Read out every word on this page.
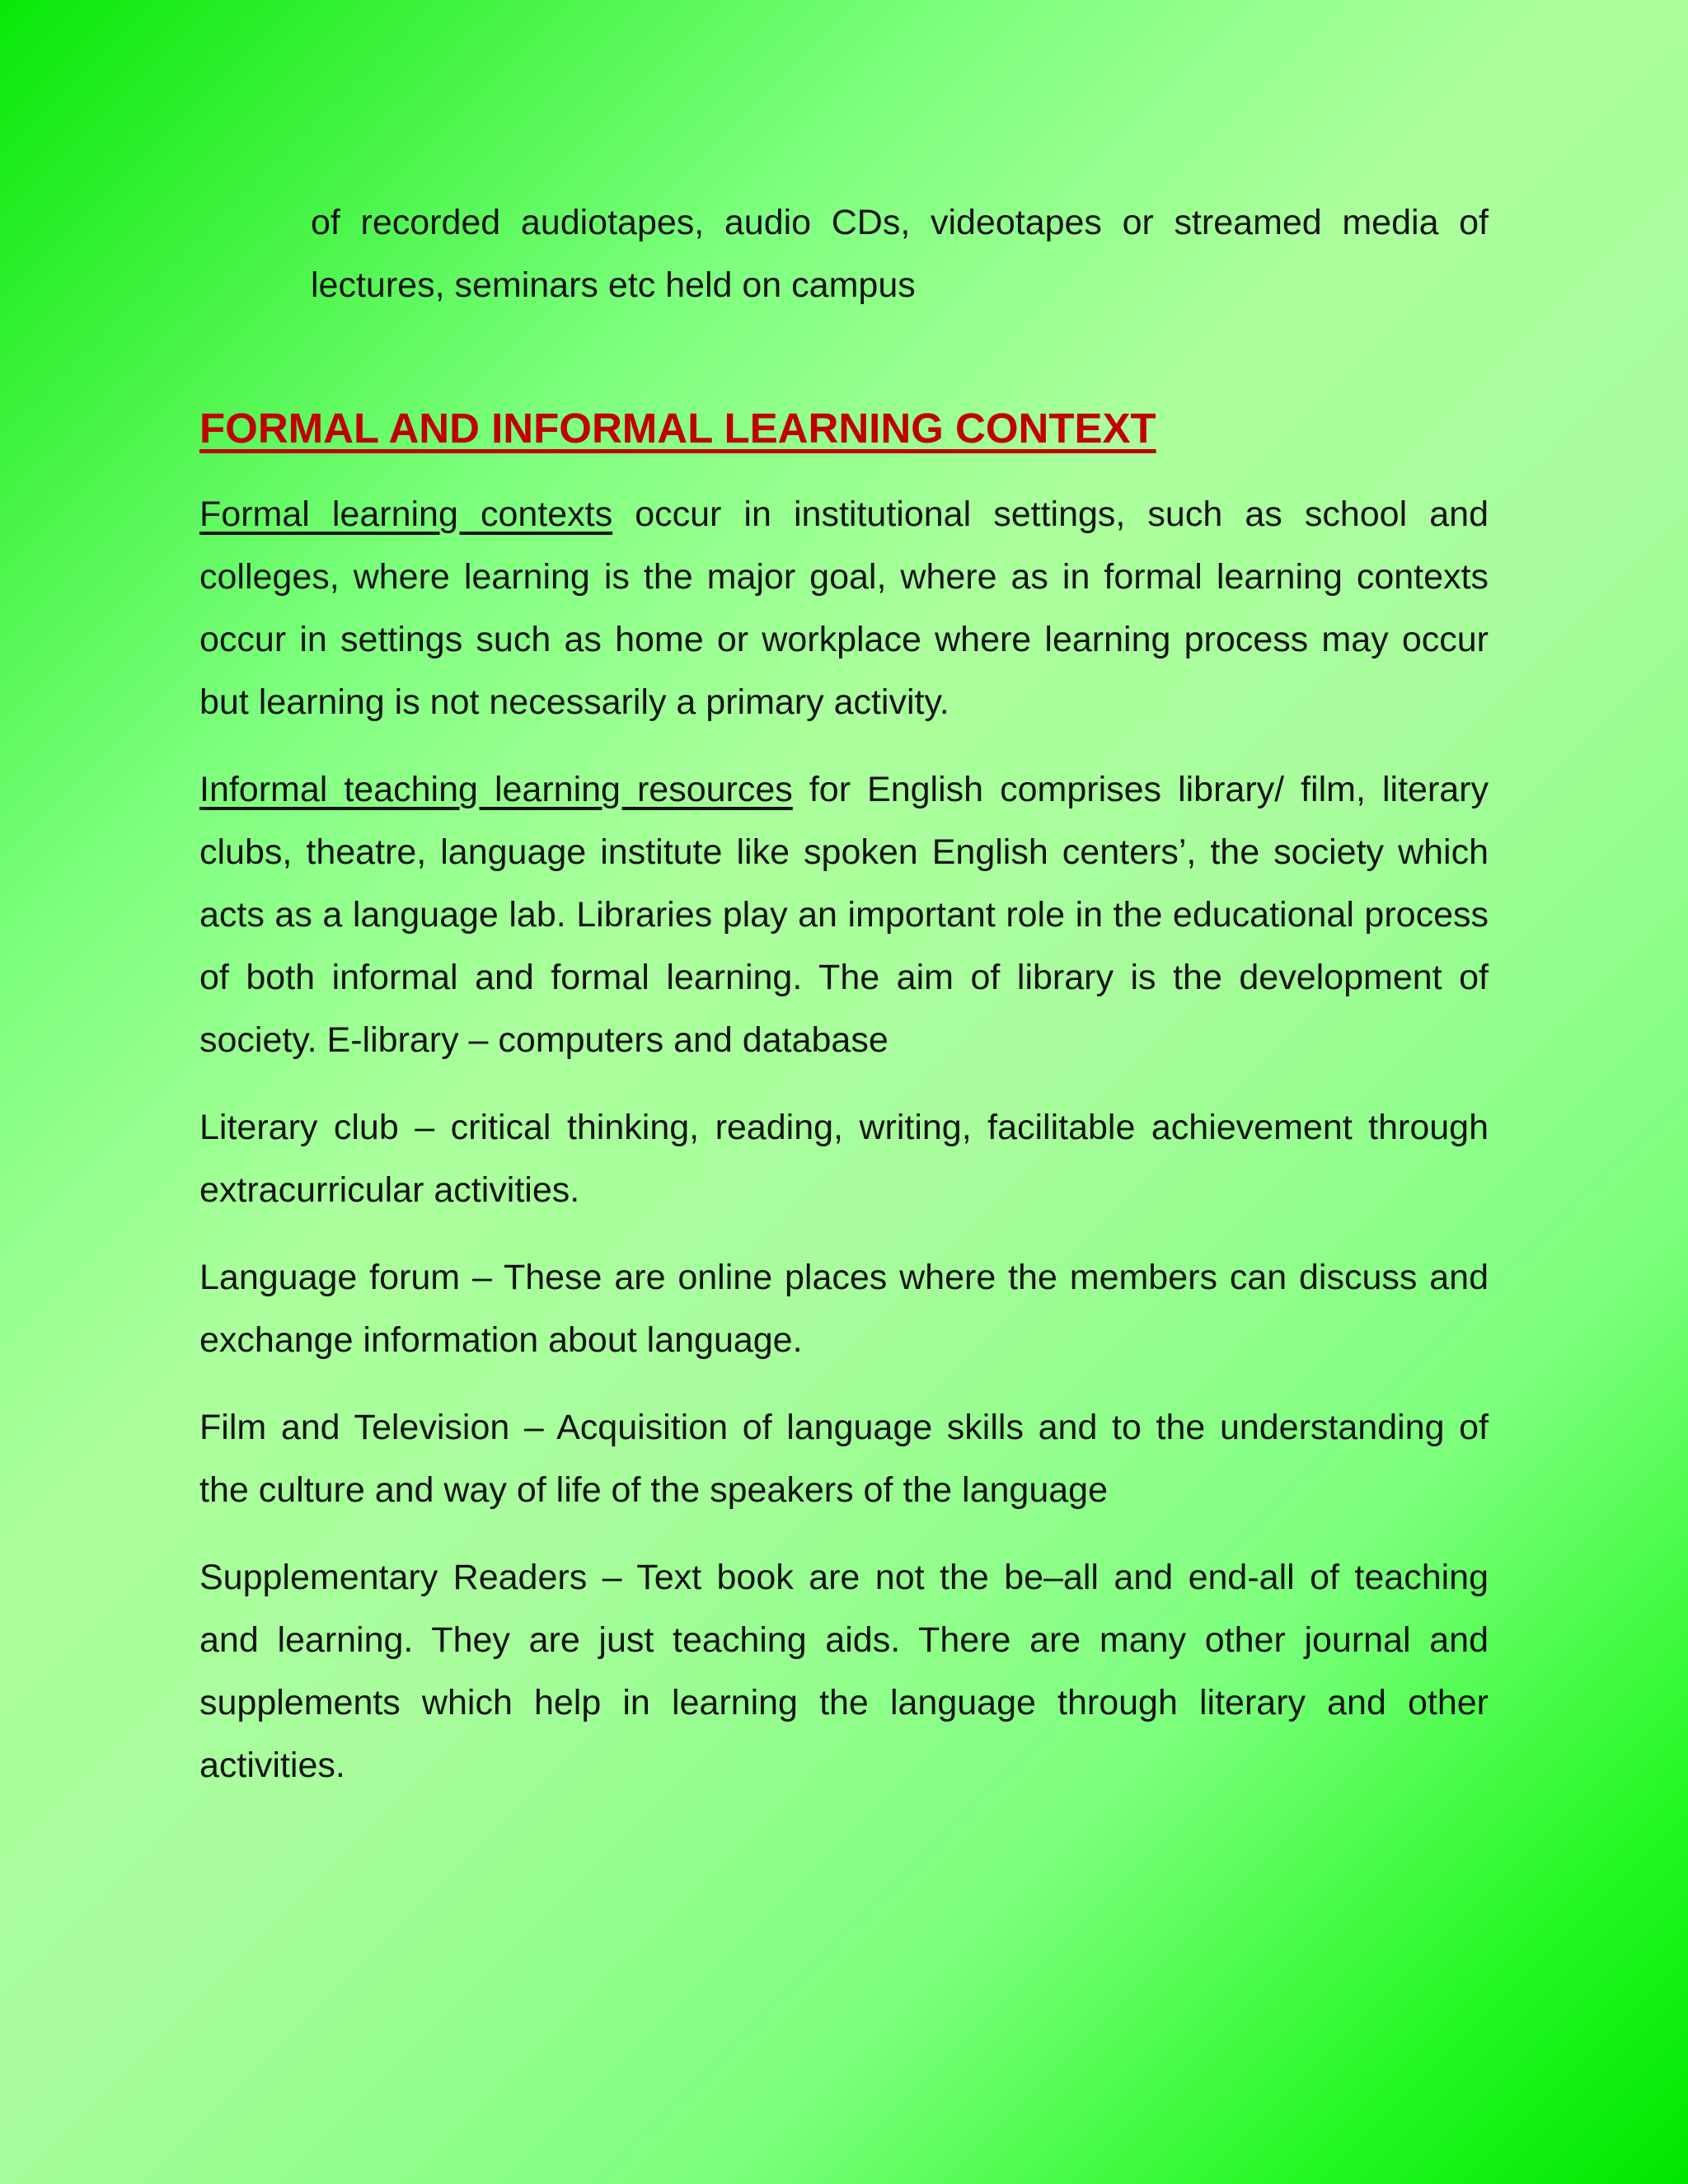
of recorded audiotapes, audio CDs, videotapes or streamed media of lectures, seminars etc held on campus

FORMAL AND INFORMAL LEARNING CONTEXT

Formal learning contexts occur in institutional settings, such as school and colleges, where learning is the major goal, where as in formal learning contexts occur in settings such as home or workplace where learning process may occur but learning is not necessarily a primary activity.

Informal teaching learning resources for English comprises library/ film, literary clubs, theatre, language institute like spoken English centers’, the society which acts as a language lab. Libraries play an important role in the educational process of both informal and formal learning. The aim of library is the development of society. E-library – computers and database

Literary club – critical thinking, reading, writing, facilitable achievement through extracurricular activities.

Language forum – These are online places where the members can discuss and exchange information about language.

Film and Television – Acquisition of language skills and to the understanding of the culture and way of life of the speakers of the language

Supplementary Readers – Text book are not the be–all and end-all of teaching and learning. They are just teaching aids. There are many other journal and supplements which help in learning the language through literary and other activities.
